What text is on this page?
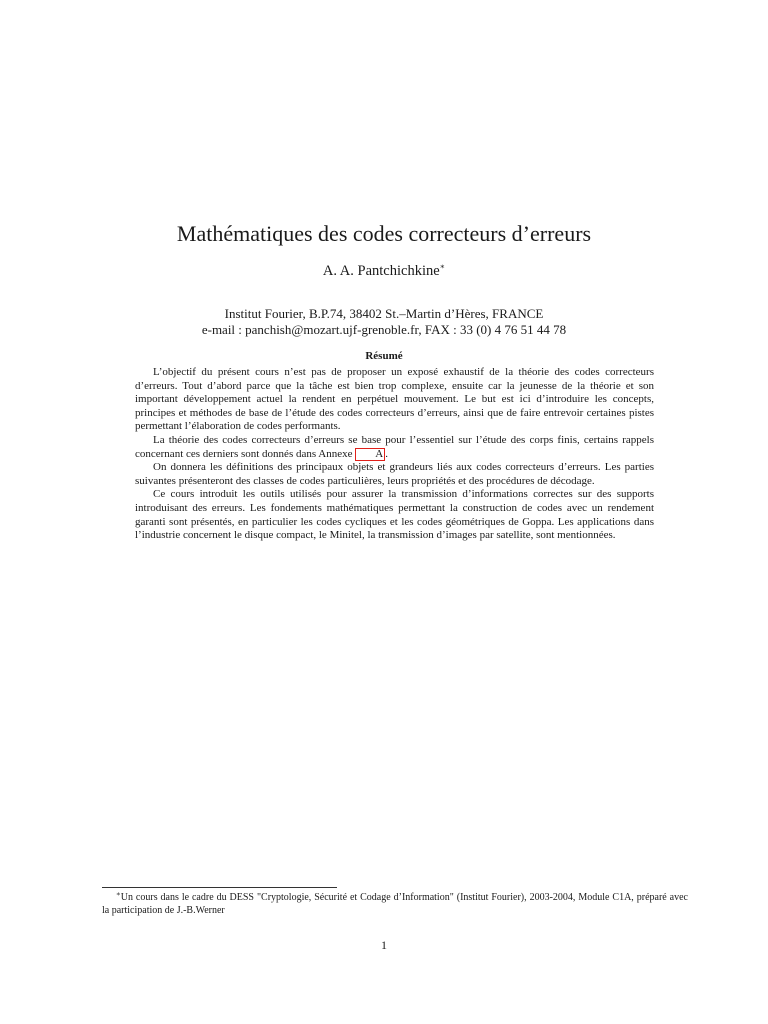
Mathématiques des codes correcteurs d’erreurs
A. A. Pantchichkine∗
Institut Fourier, B.P.74, 38402 St.–Martin d’Hères, FRANCE
e-mail : panchish@mozart.ujf-grenoble.fr, FAX : 33 (0) 4 76 51 44 78
Résumé

L’objectif du présent cours n’est pas de proposer un exposé exhaustif de la théorie des codes correcteurs d’erreurs. Tout d’abord parce que la tâche est bien trop complexe, ensuite car la jeunesse de la théorie et son important développement actuel la rendent en perpétuel mouvement. Le but est ici d’introduire les concepts, principes et méthodes de base de l’étude des codes correcteurs d’erreurs, ainsi que de faire entrevoir certaines pistes permettant l’élaboration de codes performants.

La théorie des codes correcteurs d’erreurs se base pour l’essentiel sur l’étude des corps finis, certains rappels concernant ces derniers sont donnés dans Annexe A .

On donnera les définitions des principaux objets et grandeurs liés aux codes correcteurs d’erreurs. Les parties suivantes présenteront des classes de codes particulières, leurs propriétés et des procédures de décodage.

Ce cours introduit les outils utilisés pour assurer la transmission d’informations correctes sur des supports introduisant des erreurs. Les fondements mathématiques permettant la construction de codes avec un rendement garanti sont présentés, en particulier les codes cycliques et les codes géométriques de Goppa. Les applications dans l’industrie concernent le disque compact, le Minitel, la transmission d’images par satellite, sont mentionnées.

∗Un cours dans le cadre du DESS "Cryptologie, Sécurité et Codage d’Information" (Institut Fourier), 2003-2004, Module C1A, préparé avec la participation de J.-B.Werner
1
